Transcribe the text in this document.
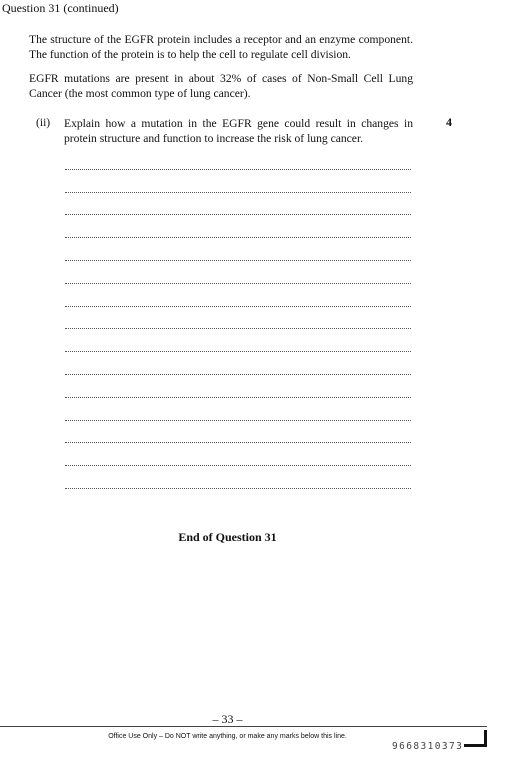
Question 31 (continued)

The structure of the EGFR protein includes a receptor and an enzyme component. The function of the protein is to help the cell to regulate cell division.

EGFR mutations are present in about 32% of cases of Non-Small Cell Lung Cancer (the most common type of lung cancer).

(ii) Explain how a mutation in the EGFR gene could result in changes in protein structure and function to increase the risk of lung cancer.
4
End of Question 31
– 33 –
Office Use Only – Do NOT write anything, or make any marks below this line.
9668310373
